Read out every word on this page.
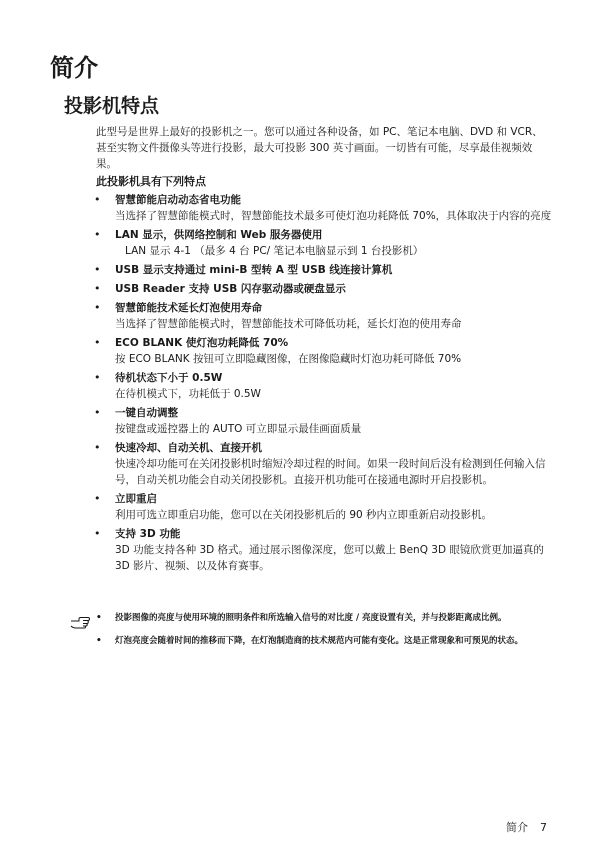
简介
投影机特点

此型号是世界上最好的投影机之一。您可以通过各种设备，如 PC、笔记本电脑、DVD 和 VCR、甚至实物文件摄像头等进行投影，最大可投影 300 英寸画面。一切皆有可能，尽享最佳视频效果。

此投影机具有下列特点

• 智慧節能启动动态省电功能
当选择了智慧節能模式时，智慧節能技术最多可使灯泡功耗降低 70%，具体取决于内容的亮度
• LAN 显示，供网络控制和 Web 服务器使用
LAN 显示 4-1 （最多 4 台 PC/ 笔记本电脑显示到 1 台投影机）
• USB 显示支持通过 mini-B 型转 A 型 USB 线连接计算机
• USB Reader 支持 USB 闪存驱动器或硬盘显示
• 智慧節能技术延长灯泡使用寿命
当选择了智慧節能模式时，智慧節能技术可降低功耗，延长灯泡的使用寿命
• ECO BLANK 使灯泡功耗降低 70%
按 ECO BLANK 按钮可立即隐藏图像，在图像隐藏时灯泡功耗可降低 70%
• 待机状态下小于 0.5W
在待机模式下，功耗低于 0.5W
• 一键自动调整
按键盘或遥控器上的 AUTO 可立即显示最佳画面质量
• 快速冷却、自动关机、直接开机
快速冷却功能可在关闭投影机时缩短冷却过程的时间。如果一段时间后没有检测到任何输入信号，自动关机功能会自动关闭投影机。直接开机功能可在接通电源时开启投影机。
• 立即重启
利用可选立即重启功能，您可以在关闭投影机后的 90 秒内立即重新启动投影机。
• 支持 3D 功能
3D 功能支持各种 3D 格式。通过展示图像深度，您可以戴上 BenQ 3D 眼镜欣赏更加逼真的 3D 影片、视频、以及体育赛事。
• 投影图像的亮度与使用环境的照明条件和所选输入信号的对比度 / 亮度设置有关，并与投影距离成比例。
• 灯泡亮度会随着时间的推移而下降，在灯泡制造商的技术规范内可能有变化。这是正常现象和可预见的状态。
简介 7
